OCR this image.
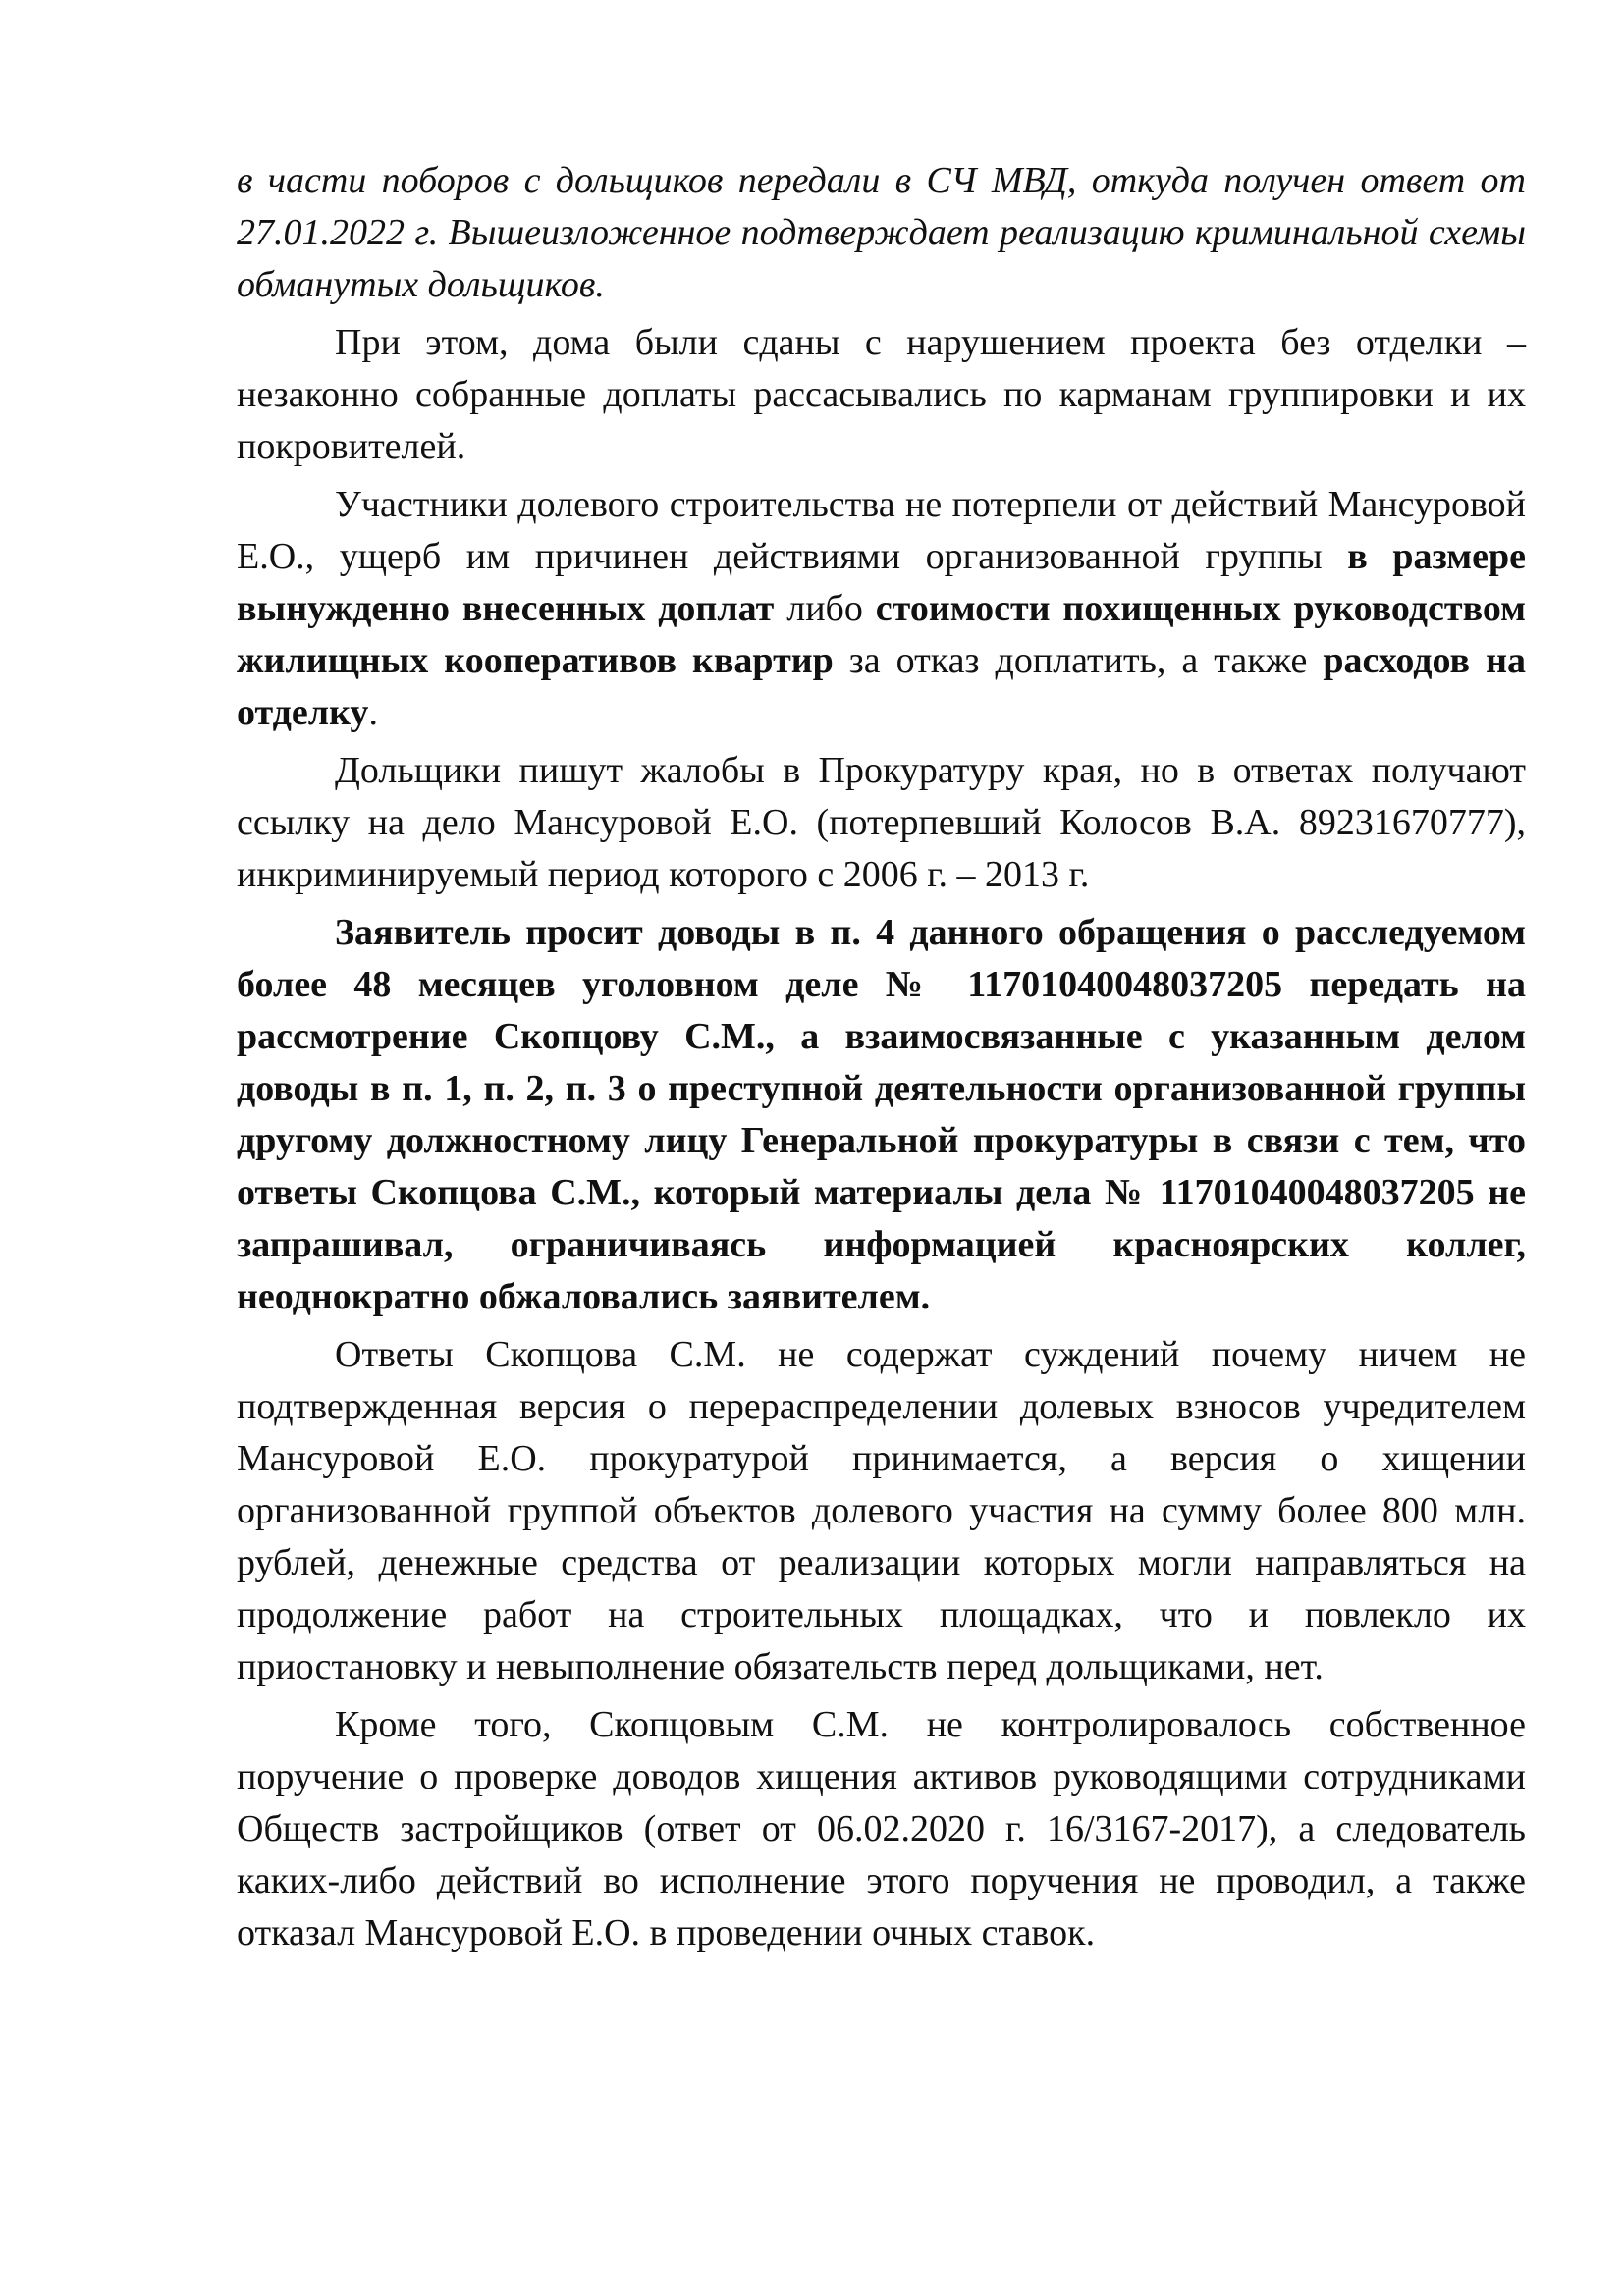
в части поборов с дольщиков передали в СЧ МВД, откуда получен ответ от 27.01.2022 г. Вышеизложенное подтверждает реализацию криминальной схемы обманутых дольщиков.

При этом, дома были сданы с нарушением проекта без отделки – незаконно собранные доплаты рассасывались по карманам группировки и их покровителей.

Участники долевого строительства не потерпели от действий Мансуровой Е.О., ущерб им причинен действиями организованной группы в размере вынужденно внесенных доплат либо стоимости похищенных руководством жилищных кооперативов квартир за отказ доплатить, а также расходов на отделку.

Дольщики пишут жалобы в Прокуратуру края, но в ответах получают ссылку на дело Мансуровой Е.О. (потерпевший Колосов В.А. 89231670777), инкриминируемый период которого с 2006 г. – 2013 г.

Заявитель просит доводы в п. 4 данного обращения о расследуемом более 48 месяцев уголовном деле № 11701040048037205 передать на рассмотрение Скопцову С.М., а взаимосвязанные с указанным делом доводы в п. 1, п. 2, п. 3 о преступной деятельности организованной группы другому должностному лицу Генеральной прокуратуры в связи с тем, что ответы Скопцова С.М., который материалы дела № 11701040048037205 не запрашивал, ограничиваясь информацией красноярских коллег, неоднократно обжаловались заявителем.

Ответы Скопцова С.М. не содержат суждений почему ничем не подтвержденная версия о перераспределении долевых взносов учредителем Мансуровой Е.О. прокуратурой принимается, а версия о хищении организованной группой объектов долевого участия на сумму более 800 млн. рублей, денежные средства от реализации которых могли направляться на продолжение работ на строительных площадках, что и повлекло их приостановку и невыполнение обязательств перед дольщиками, нет.

Кроме того, Скопцовым С.М. не контролировалось собственное поручение о проверке доводов хищения активов руководящими сотрудниками Обществ застройщиков (ответ от 06.02.2020 г. 16/3167-2017), а следователь каких-либо действий во исполнение этого поручения не проводил, а также отказал Мансуровой Е.О. в проведении очных ставок.
